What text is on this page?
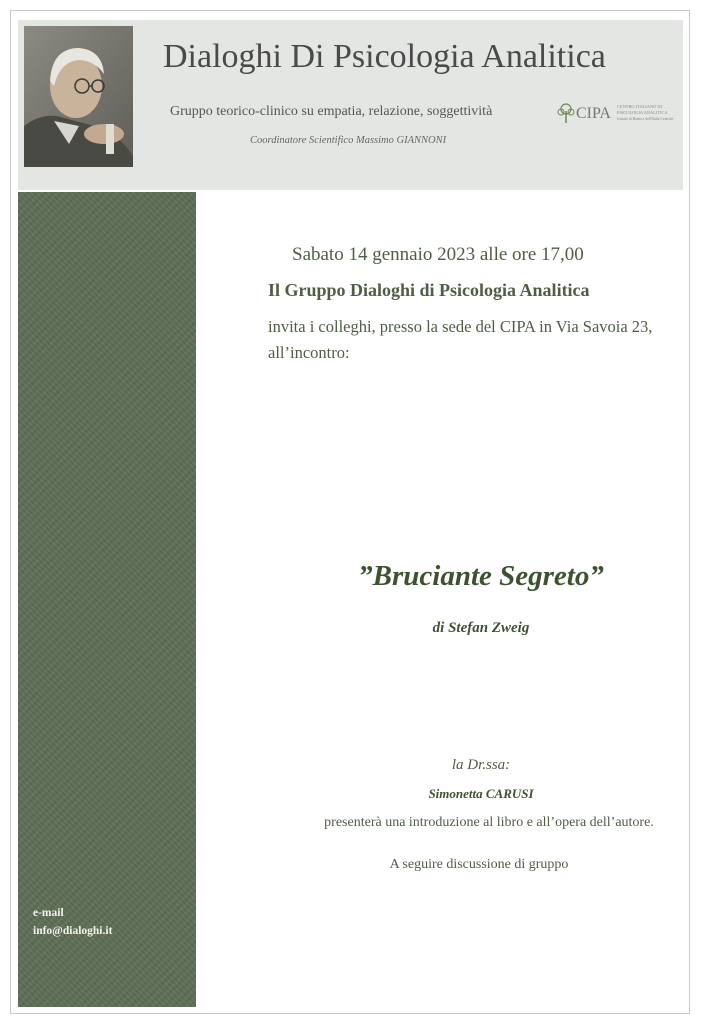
Dialoghi Di Psicologia Analitica
Gruppo teorico-clinico su empatia, relazione, soggettività
Coordinatore Scientifico Massimo GIANNONI
CIPA CENTRO ITALIANO DI
PSICOLOGIA ANALITICA
Istituto di Roma e dell'Italia Centrale
e-mail
info@dialoghi.it
Sabato 14 gennaio 2023 alle ore 17,00
Il Gruppo Dialoghi di Psicologia Analitica
invita i colleghi, presso la sede del CIPA in Via Savoia 23,
all’incontro:
”Bruciante Segreto”
di Stefan Zweig
la Dr.ssa:
Simonetta CARUSI
presenterà una introduzione al libro e all’opera dell’autore.
A seguire discussione di gruppo
